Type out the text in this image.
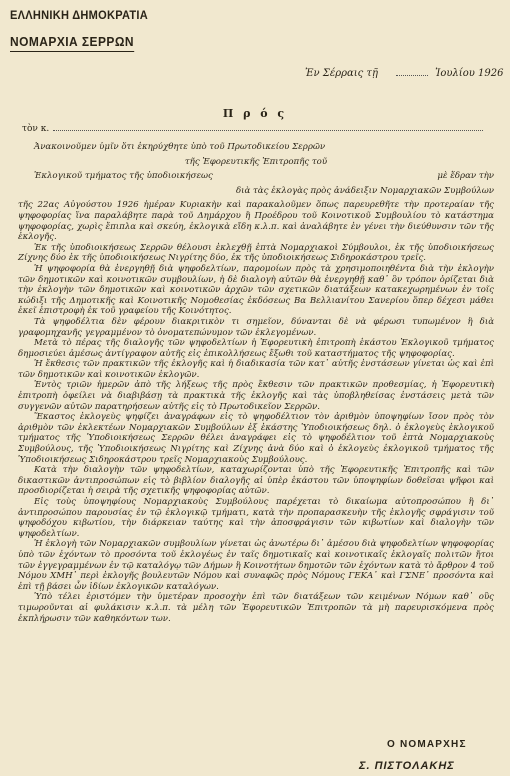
ΕΛΛΗΝΙΚΗ ΔΗΜΟΚΡΑΤΙΑ
ΝΟΜΑΡΧΙΑ ΣΕΡΡΩΝ
Ἐν Σέρραις τῇ	Ἰουλίου 1926
Π ρ ό ς
τὸν κ.

Ἀνακοινοῦμεν ὑμῖν ὅτι ἐκηρύχθητε ὑπὸ τοῦ Πρωτοδικείου Σερρῶν

τῆς Ἐφορευτικῆς Ἐπιτροπῆς τοῦ

Ἐκλογικοῦ τμήματος τῆς ὑποδιοικήσεως	μὲ ἕδραν τὴν

διὰ τὰς ἐκλογὰς πρὸς ἀνάδειξιν Νομαρχιακῶν Συμβούλων

τῆς 22ας Αὐγούστου 1926 ἡμέραν Κυριακὴν καὶ παρακαλοῦμεν ὅπως παρευρεθῆτε τὴν προτεραίαν τῆς ψηφοφορίας ἵνα παραλάβητε παρὰ τοῦ Δημάρχου ἢ Προέδρου τοῦ Κοινοτικοῦ Συμβουλίου τὸ κατάστημα ψηφοφορίας, χωρὶς ἔπιπλα καὶ σκεύη, ἐκλογικὰ εἴδη κ.λ.π. καὶ ἀναλάβητε ἐν γένει τὴν διεύθυνσιν τῶν τῆς ἐκλογῆς.

Ἐκ τῆς ὑποδιοικήσεως Σερρῶν θέλουσι ἐκλεχθῇ ἑπτὰ Νομαρχιακοὶ Σύμβουλοι, ἐκ τῆς ὑποδιοικήσεως Ζίχνης δύο ἐκ τῆς ὑποδιοικήσεως Νιγρίτης δύο, ἐκ τῆς ὑποδιοικήσεως Σιδηροκάστρου τρεῖς.

Ἡ ψηφοφορία θὰ ἐνεργηθῇ διὰ ψηφοδελτίων, παρομοίων πρὸς τὰ χρησιμοποιηθέντα διὰ τὴν ἐκλογὴν τῶν δημοτικῶν καὶ κοινοτικῶν συμβουλίων, ἡ δὲ διαλογὴ αὐτῶν θὰ ἐνεργηθῇ καθ᾽ ὃν τρόπον ὁρίζεται διὰ τὴν ἐκλογὴν τῶν δημοτικῶν καὶ κοινοτικῶν ἀρχῶν τῶν σχετικῶν διατάξεων κατακεχωρημένων ἐν τοῖς κώδιξι τῆς Δημοτικῆς καὶ Κοινοτικῆς Νομοθεσίας ἐκδόσεως Βα Βελλιανίτου Σανερίου ὅπερ δέχεσι μάθει ἐκεῖ ἐπιστροφὴ ἐκ τοῦ γραφείου τῆς Κοινότητος.

Τὰ ψηφοδέλτια δὲν φέρουν διακριτικὸν τι σημεῖον, δύνανται δὲ νὰ φέρωσι τυπωμένον ἢ διὰ γραφομηχανῆς γεγραμμένον τὸ ὀνοματεπώνυμον τῶν ἐκλεγομένων.

Μετὰ τὸ πέρας τῆς διαλογῆς τῶν ψηφοδελτίων ἡ Ἐφορευτικὴ ἐπιτροπὴ ἑκάστου Ἐκλογικοῦ τμήματος δημοσιεύει ἀμέσως ἀντίγραφον αὐτῆς εἰς ἐπικολλήσεως ἔξωθι τοῦ καταστήματος τῆς ψηφοφορίας.

Ἡ ἔκθεσις τῶν πρακτικῶν τῆς ἐκλογῆς καὶ ἡ διαδικασία τῶν κατ᾽ αὐτῆς ἐνστάσεων γίνεται ὡς καὶ ἐπὶ τῶν δημοτικῶν καὶ κοινοτικῶν ἐκλογῶν.

Ἐντὸς τριῶν ἡμερῶν ἀπὸ τῆς λήξεως τῆς πρὸς ἔκθεσιν τῶν πρακτικῶν προθεσμίας, ἡ Ἐφορευτικὴ ἐπιτροπὴ ὀφείλει νὰ διαβιβάσῃ τὰ πρακτικὰ τῆς ἐκλογῆς καὶ τὰς ὑποβληθείσας ἐνστάσεις μετὰ τῶν συγγενῶν αὐτῶν παρατηρήσεων αὐτῆς εἰς τὸ Πρωτοδικεῖον Σερρῶν.

Ἕκαστος ἐκλογεὺς ψηφίζει ἀναγράφων εἰς τὸ ψηφοδέλτιον τὸν ἀριθμὸν ὑποψηφίων ἴσον πρὸς τὸν ἀριθμὸν τῶν ἐκλεκτέων Νομαρχιακῶν Συμβούλων ἐξ ἑκάστης Ὑποδιοικήσεως δηλ. ὁ ἐκλογεὺς ἐκλογικοῦ τμήματος τῆς Ὑποδιοικήσεως Σερρῶν θέλει ἀναγράφει εἰς τὸ ψηφοδέλτιον τοῦ ἑπτὰ Νομαρχιακοὺς Συμβούλους, τῆς Ὑποδιοικήσεως Νιγρίτης καὶ Ζίχνης ἀνὰ δύο καὶ ὁ ἐκλογεὺς ἐκλογικοῦ τμήματος τῆς Ὑποδιοικήσεως Σιδηροκάστρου τρεῖς Νομαρχιακοὺς Συμβούλους.

Κατὰ τὴν διαλογὴν τῶν ψηφοδελτίων, καταχωρίζονται ὑπὸ τῆς Ἐφορευτικῆς Ἐπιτροπῆς καὶ τῶν δικαστικῶν ἀντιπροσώπων εἰς τὸ βιβλίον διαλογῆς αἱ ὑπὲρ ἑκάστου τῶν ὑποψηφίων δοθεῖσαι ψῆφοι καὶ προσδιορίζεται ἡ σειρὰ τῆς σχετικῆς ψηφοφορίας αὐτῶν.

Εἰς τοὺς ὑποψηφίους Νομαρχιακοὺς Συμβούλους παρέχεται τὸ δικαίωμα αὐτοπροσώπου ἢ δι᾽ ἀντιπροσώπου παρουσίας ἐν τῷ ἐκλογικῷ τμήματι, κατὰ τὴν προπαρασκευὴν τῆς ἐκλογῆς σφράγισιν τοῦ ψηφοδόχου κιβωτίου, τὴν διάρκειαν ταύτης καὶ τὴν ἀποσφράγισιν τῶν κιβωτίων καὶ διαλογὴν τῶν ψηφοδελτίων.

Ἡ ἐκλογὴ τῶν Νομαρχιακῶν συμβουλίων γίνεται ὡς ἀνωτέρω δι᾽ ἀμέσου διὰ ψηφοδελτίων ψηφοφορίας ὑπὸ τῶν ἐχόντων τὸ προσόντα τοῦ ἐκλογέως ἐν ταῖς δημοτικαῖς καὶ κοινοτικαῖς ἐκλογαῖς πολιτῶν ἤτοι τῶν ἐγγεγραμμένων ἐν τῷ καταλόγῳ τῶν Δήμων ἢ Κοινοτήτων δημοτῶν τῶν ἐχόντων κατὰ τὸ ἄρθρον 4 τοῦ Νόμου ΧΜΗ᾽ περὶ ἐκλογῆς βουλευτῶν Νόμου καὶ συναφῶς πρὸς Νόμους ΓΕΚΑ᾽ καὶ ΓΣΝΕ᾽ προσόντα καὶ ἐπὶ τῇ βάσει ὧν ἰδίων ἐκλογικῶν καταλόγων.

Ὑπὸ τέλει ἐριστόμεν τὴν ὑμετέραν προσοχὴν ἐπὶ τῶν διατάξεων τῶν κειμένων Νόμων καθ᾽ οὓς τιμωροῦνται αἱ φυλάκισιν κ.λ.π. τὰ μέλη τῶν Ἐφορευτικῶν Ἐπιτροπῶν τὰ μὴ παρευρισκόμενα πρὸς ἐκπλήρωσιν τῶν καθηκόντων των.

Ο ΝΟΜΑΡΧΗΣ
Σ. ΠΙΣΤΟΛΑΚΗΣ
